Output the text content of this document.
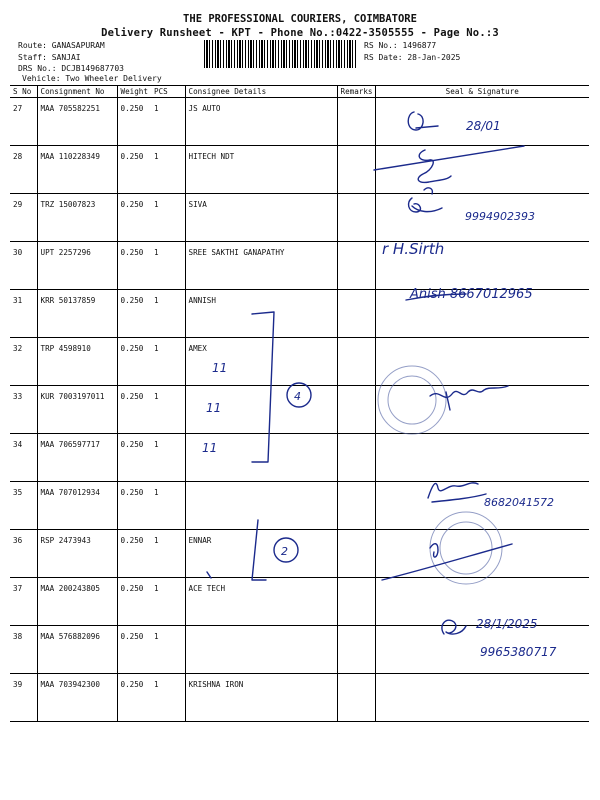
THE PROFESSIONAL COURIERS, COIMBATORE
Delivery Runsheet - KPT - Phone No.:0422-3505555 - Page No.:3
Route: GANASAPURAM
Staff: SANJAI
DRS No.: DCJB149687703
Vehicle: Two Wheeler Delivery
RS No.: 1496877
RS Date: 28-Jan-2025
S No	Consignment No	Weight	PCS	Consignee Details	Remarks	Seal & Signature
27	MAA 705582251	0.250	1	JS AUTO		
28	MAA 110228349	0.250	1	HITECH NDT		
29	TRZ 15007823	0.250	1	SIVA		
30	UPT 2257296	0.250	1	SREE SAKTHI GANAPATHY		
31	KRR 50137859	0.250	1	ANNISH		
32	TRP 4598910	0.250	1	AMEX		
33	KUR 7003197011	0.250	1			
34	MAA 706597717	0.250	1			
35	MAA 707012934	0.250	1			
36	RSP 2473943	0.250	1	ENNAR		
37	MAA 200243805	0.250	1	ACE TECH		
38	MAA 576882096	0.250	1			
39	MAA 703942300	0.250	1	KRISHNA IRON		
28/01
9994902393
r H.Sirth
Anish 8667012965
11
11
11
4
8682041572
2
28/1/2025
9965380717
